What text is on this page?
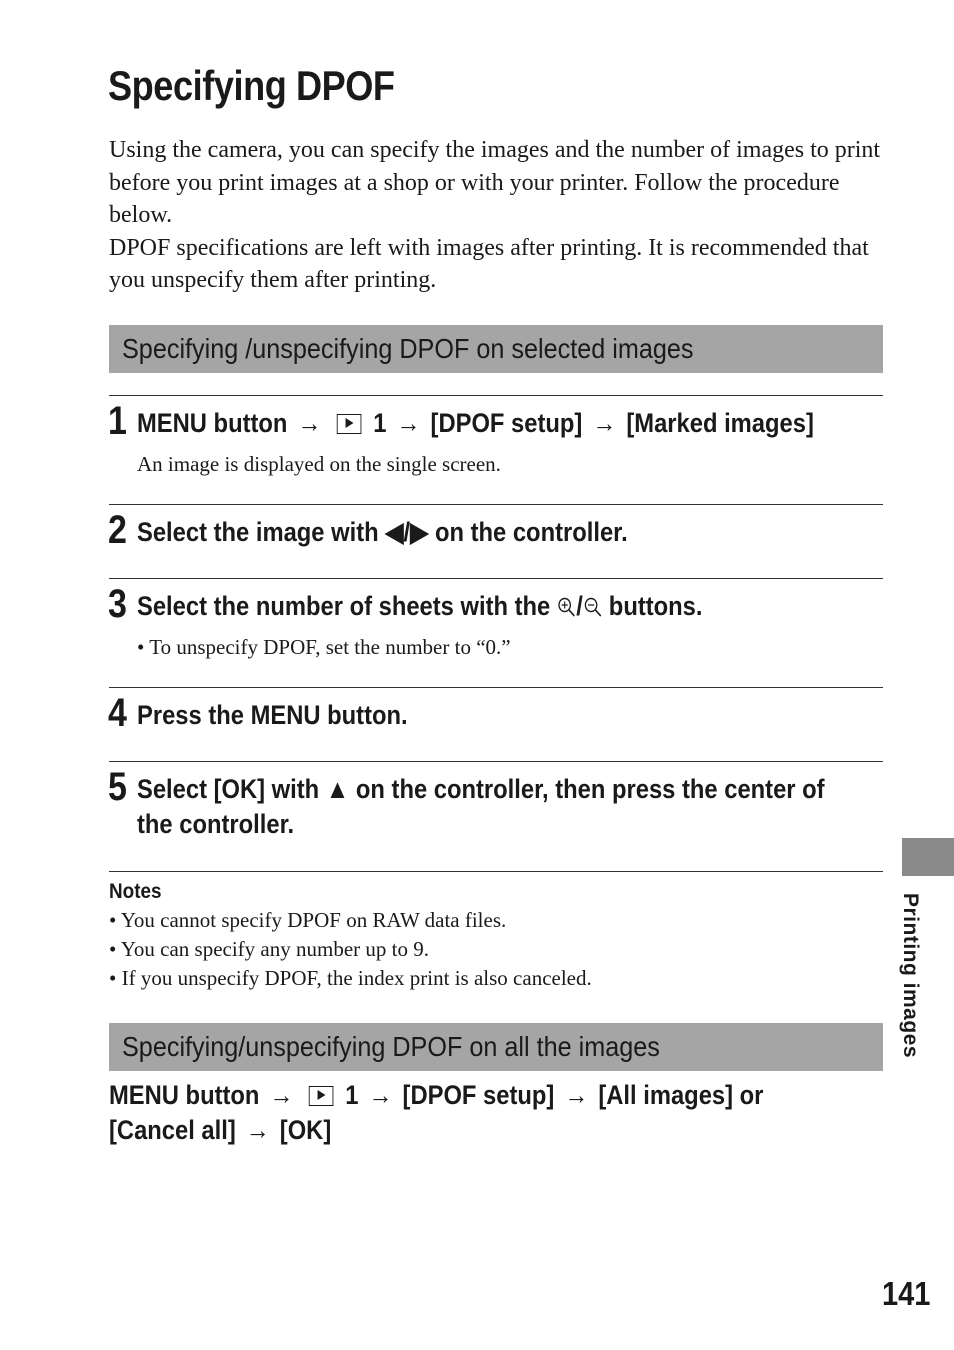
Specifying DPOF
Using the camera, you can specify the images and the number of images to print before you print images at a shop or with your printer. Follow the procedure below.
DPOF specifications are left with images after printing. It is recommended that you unspecify them after printing.
Specifying /unspecifying DPOF on selected images
1 MENU button → 1 → [DPOF setup] → [Marked images]

An image is displayed on the single screen.

2 Select the image with ◀/▶ on the controller.
3 Select the number of sheets with the / buttons.

• To unspecify DPOF, set the number to “0.”

4 Press the MENU button.
5 Select [OK] with ▲ on the controller, then press the center of
the controller.
Notes
• You cannot specify DPOF on RAW data files.
• You can specify any number up to 9.
• If you unspecify DPOF, the index print is also canceled.
Specifying/unspecifying DPOF on all the images
MENU button → 1 → [DPOF setup] → [All images] or
[Cancel all] → [OK]
Printing images
141
